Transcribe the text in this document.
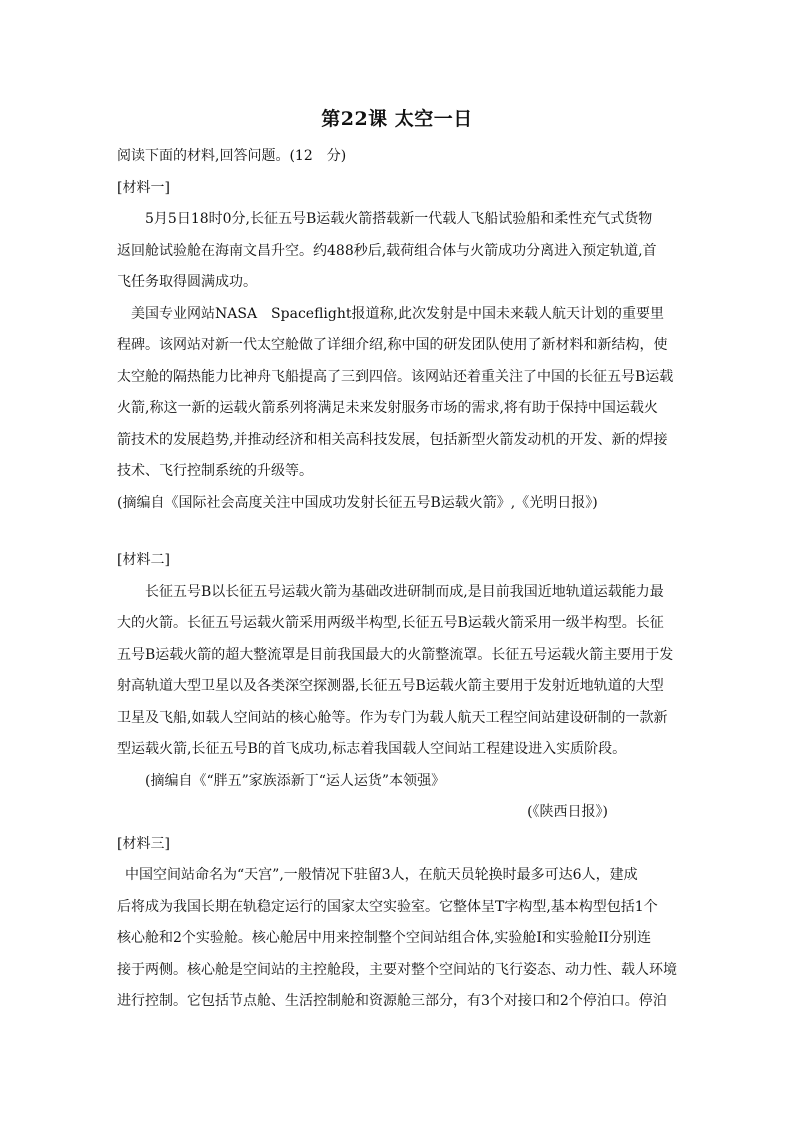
第22课 太空一日
阅读下面的材料,回答问题。(12　分)
[材料一]
5月5日18时0分,长征五号B运载火箭搭载新一代载人飞船试验船和柔性充气式货物
返回舱试验舱在海南文昌升空。约488秒后,载荷组合体与火箭成功分离进入预定轨道,首
飞任务取得圆满成功。
美国专业网站NASA　Spaceflight报道称,此次发射是中国未来载人航天计划的重要里
程碑。该网站对新一代太空舱做了详细介绍,称中国的研发团队使用了新材料和新结构，使
太空舱的隔热能力比神舟飞船提高了三到四倍。该网站还着重关注了中国的长征五号B运载
火箭,称这一新的运载火箭系列将满足未来发射服务市场的需求,将有助于保持中国运载火
箭技术的发展趋势,并推动经济和相关高科技发展，包括新型火箭发动机的开发、新的焊接
技术、飞行控制系统的升级等。
(摘编自《国际社会高度关注中国成功发射长征五号B运载火箭》,《光明日报》)
[材料二]
长征五号B以长征五号运载火箭为基础改进研制而成,是目前我国近地轨道运载能力最
大的火箭。长征五号运载火箭采用两级半构型,长征五号B运载火箭采用一级半构型。长征
五号B运载火箭的超大整流罩是目前我国最大的火箭整流罩。长征五号运载火箭主要用于发
射高轨道大型卫星以及各类深空探测器,长征五号B运载火箭主要用于发射近地轨道的大型
卫星及飞船,如载人空间站的核心舱等。作为专门为载人航天工程空间站建设研制的一款新
型运载火箭,长征五号B的首飞成功,标志着我国载人空间站工程建设进入实质阶段。
(摘编自《“胖五”家族添新丁“运人运货”本领强》
(《陕西日报》)
[材料三]
中国空间站命名为“天宫”,一般情况下驻留3人，在航天员轮换时最多可达6人，建成
后将成为我国长期在轨稳定运行的国家太空实验室。它整体呈T字构型,基本构型包括1个
核心舱和2个实验舱。核心舱居中用来控制整个空间站组合体,实验舱I和实验舱II分别连
接于两侧。核心舱是空间站的主控舱段，主要对整个空间站的飞行姿态、动力性、载人环境
进行控制。它包括节点舱、生活控制舱和资源舱三部分，有3个对接口和2个停泊口。停泊
